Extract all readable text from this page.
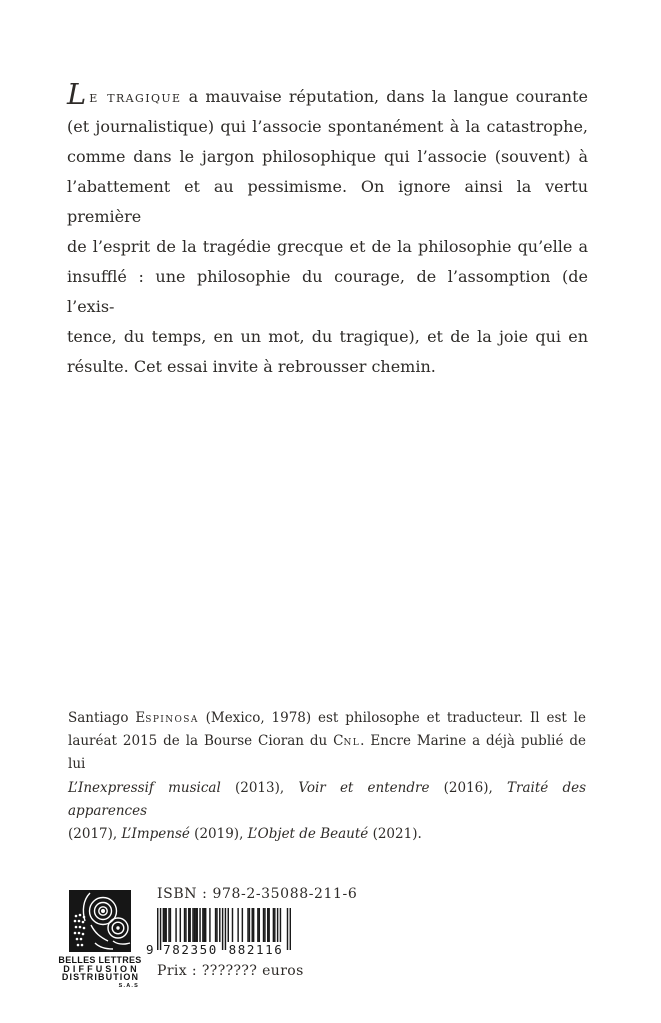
Le tragique a mauvaise réputation, dans la langue courante
(et journalistique) qui l’associe spontanément à la catastrophe,
comme dans le jargon philosophique qui l’associe (souvent) à
l’abattement et au pessimisme. On ignore ainsi la vertu première
de l’esprit de la tragédie grecque et de la philosophie qu’elle a
insufflé : une philosophie du courage, de l’assomption (de l’exis-
tence, du temps, en un mot, du tragique), et de la joie qui en
résulte. Cet essai invite à rebrousser chemin.
Santiago Espinosa (Mexico, 1978) est philosophe et traducteur. Il est le
lauréat 2015 de la Bourse Cioran du Cnl. Encre Marine a déjà publié de lui
L’Inexpressif musical (2013), Voir et entendre (2016), Traité des apparences
(2017), L’Impensé (2019), L’Objet de Beauté (2021).
BELLES LETTRES
DIFFUSION
DISTRIBUTION
S.A.S
ISBN : 978-2-35088-211-6
9 782350 882116
Prix : ??????? euros
